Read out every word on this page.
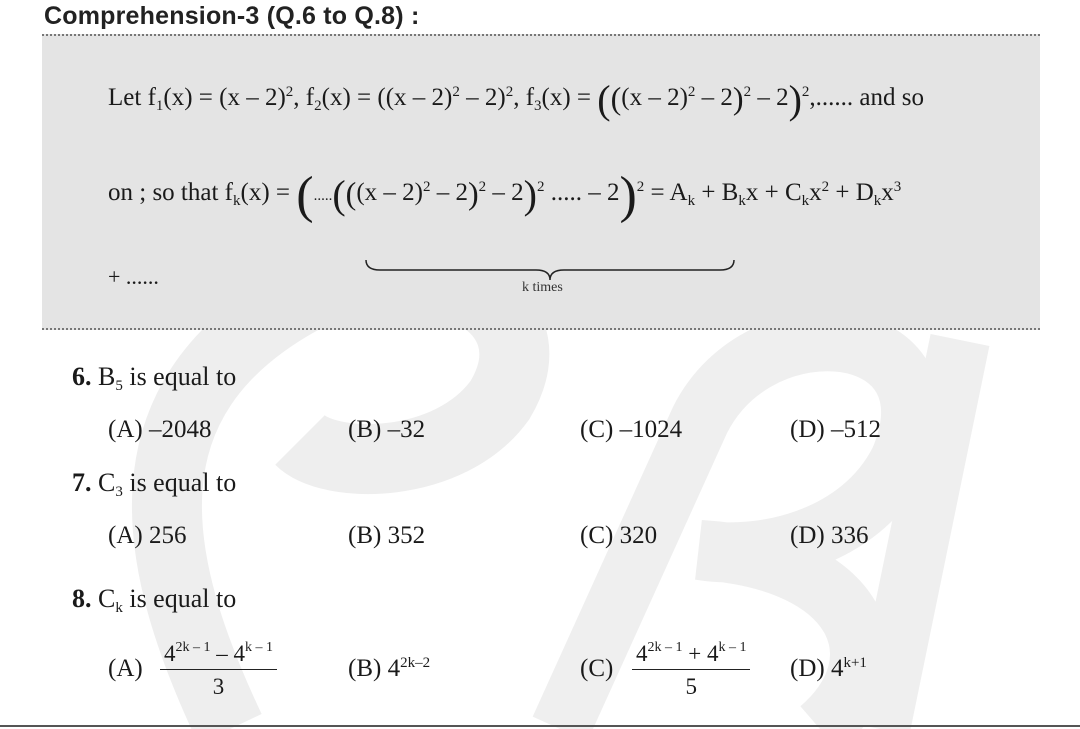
Comprehension-3 (Q.6 to Q.8) :
Let $f_1(x) = (x - 2)^2$, $f_2(x) = ((x - 2)^2 - 2)^2$, $f_3(x) = (((x - 2)^2 - 2)^2 - 2)^2$,...... and so
on ; so that $f_k(x) = (.....(((x - 2)^2 - 2)^2 - 2)^2$ ..... – $2)^2 = A_k + B_kx + C_kx^2 + D_kx^3$
k times
+ ......
6. $B_5$ is equal to
(A) –2048	(B) –32	(C) –1024	(D) –512
7. $C_3$ is equal to
(A) 256	(B) 352	(C) 320	(D) 336
8. $C_k$ is equal to
$(A) \frac{4^{2k - 1} - 4^{k - 1}}{3}$	(B) $4^{2k-2}$	$(C) \frac{4^{2k - 1} + 4^{k - 1}}{5} (D)$ $4^{k+1}$
